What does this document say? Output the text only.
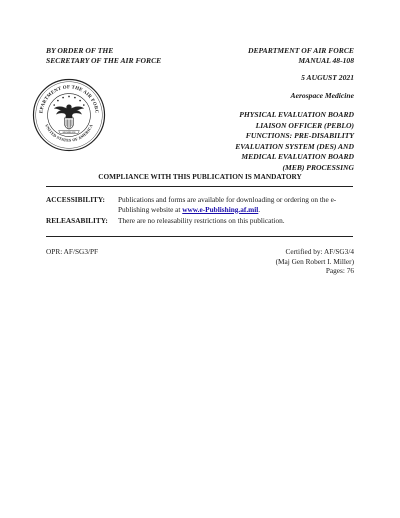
BY ORDER OF THE
SECRETARY OF THE AIR FORCE
DEPARTMENT OF AIR FORCE
MANUAL 48-108
5 AUGUST 2021
Aerospace Medicine
PHYSICAL EVALUATION BOARD
LIAISON OFFICER (PEBLO)
FUNCTIONS: PRE-DISABILITY
EVALUATION SYSTEM (DES) AND
MEDICAL EVALUATION BOARD
(MEB) PROCESSING
EPARTMENT OF THE AIR FORC
UNITED STATES OF AMERICA
MCMXLVII
COMPLIANCE WITH THIS PUBLICATION IS MANDATORY
ACCESSIBILITY: Publications and forms are available for downloading or ordering on the e-Publishing website at www.e-Publishing.af.mil.
RELEASABILITY: There are no releasability restrictions on this publication.
OPR: AF/SG3/PF	Certified by: AF/SG3/4
(Maj Gen Robert I. Miller)
Pages: 76
